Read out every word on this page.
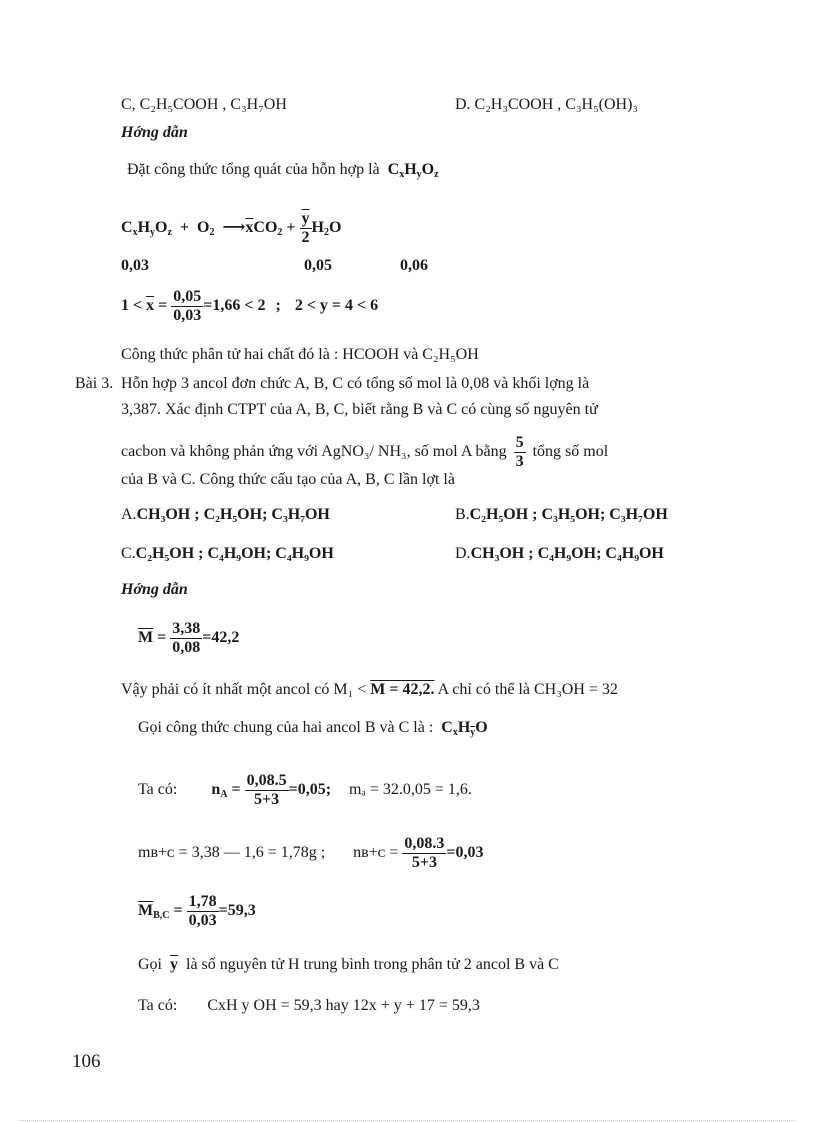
C, C₂H₅COOH , C₃H₇OH	D. C₂H₃COOH , C₃H₅(OH)₃
Hớng dẫn
Đặt công thức tổng quát của hỗn hợp là $C_xH_yO_z$
$C_xH_yO_z + O_2$  $⟶\overline{x}CO_2 + \frac{\overline{y}}{2} H_2O$
0,03	0,05	0,06
$1 < \overline{x} = \frac{0,05}{0,03} =1,66 < 2$ ; 2 < y = 4 < 6
Công thức phân tử hai chất đó là : HCOOH và C₂H₅OH
Bài 3. Hỗn hợp 3 ancol đơn chức A, B, C có tổng số mol là 0,08 và khối lợng là
3,387. Xác định CTPT của A, B, C, biết rằng B và C có cùng số nguyên tử
cacbon và không phản ứng với AgNO₃/ NH₃, số mol A bằng $\frac{5}{3}$ tổng số mol
của B và C. Công thức cấu tạo của A, B, C lần lợt là
A.CH₃OH ; C₂H₅OH; C₃H₇OH	B.C₂H₅OH ; C₃H₅OH; C₃H₇OH
C.C₂H₅OH ; C₄H₉OH; C₄H₉OH	D.CH₃OH ; C₄H₉OH; C₄H₉OH
Hớng dẫn
$\overline{M} = \frac{3,38}{0,08} =42,2$
Vậy phải có ít nhất một ancol có M₁ < M = 42,2. A chỉ có thể là CH₃OH = 32
Gọi công thức chung của hai ancol B và C là : $C_xH_{\overline{y}}O$
Ta có: $n_A = \frac{0,08.5}{5+3} =0,05$; mₐ = 32.0,05 = 1,6.
mʙ+ᴄ = 3,38 — 1,6 = 1,78g ; nʙ+ᴄ = $\frac{0,08.3}{5+3} =0,03$
$\overline{M}_{B,C} = \frac{1,78}{0,03} =59,3$
Gọi $\overline{y}$ là số nguyên tử H trung bình trong phân tử 2 ancol B và C
Ta có: CxH y OH = 59,3 hay 12x + y + 17 = 59,3
106
